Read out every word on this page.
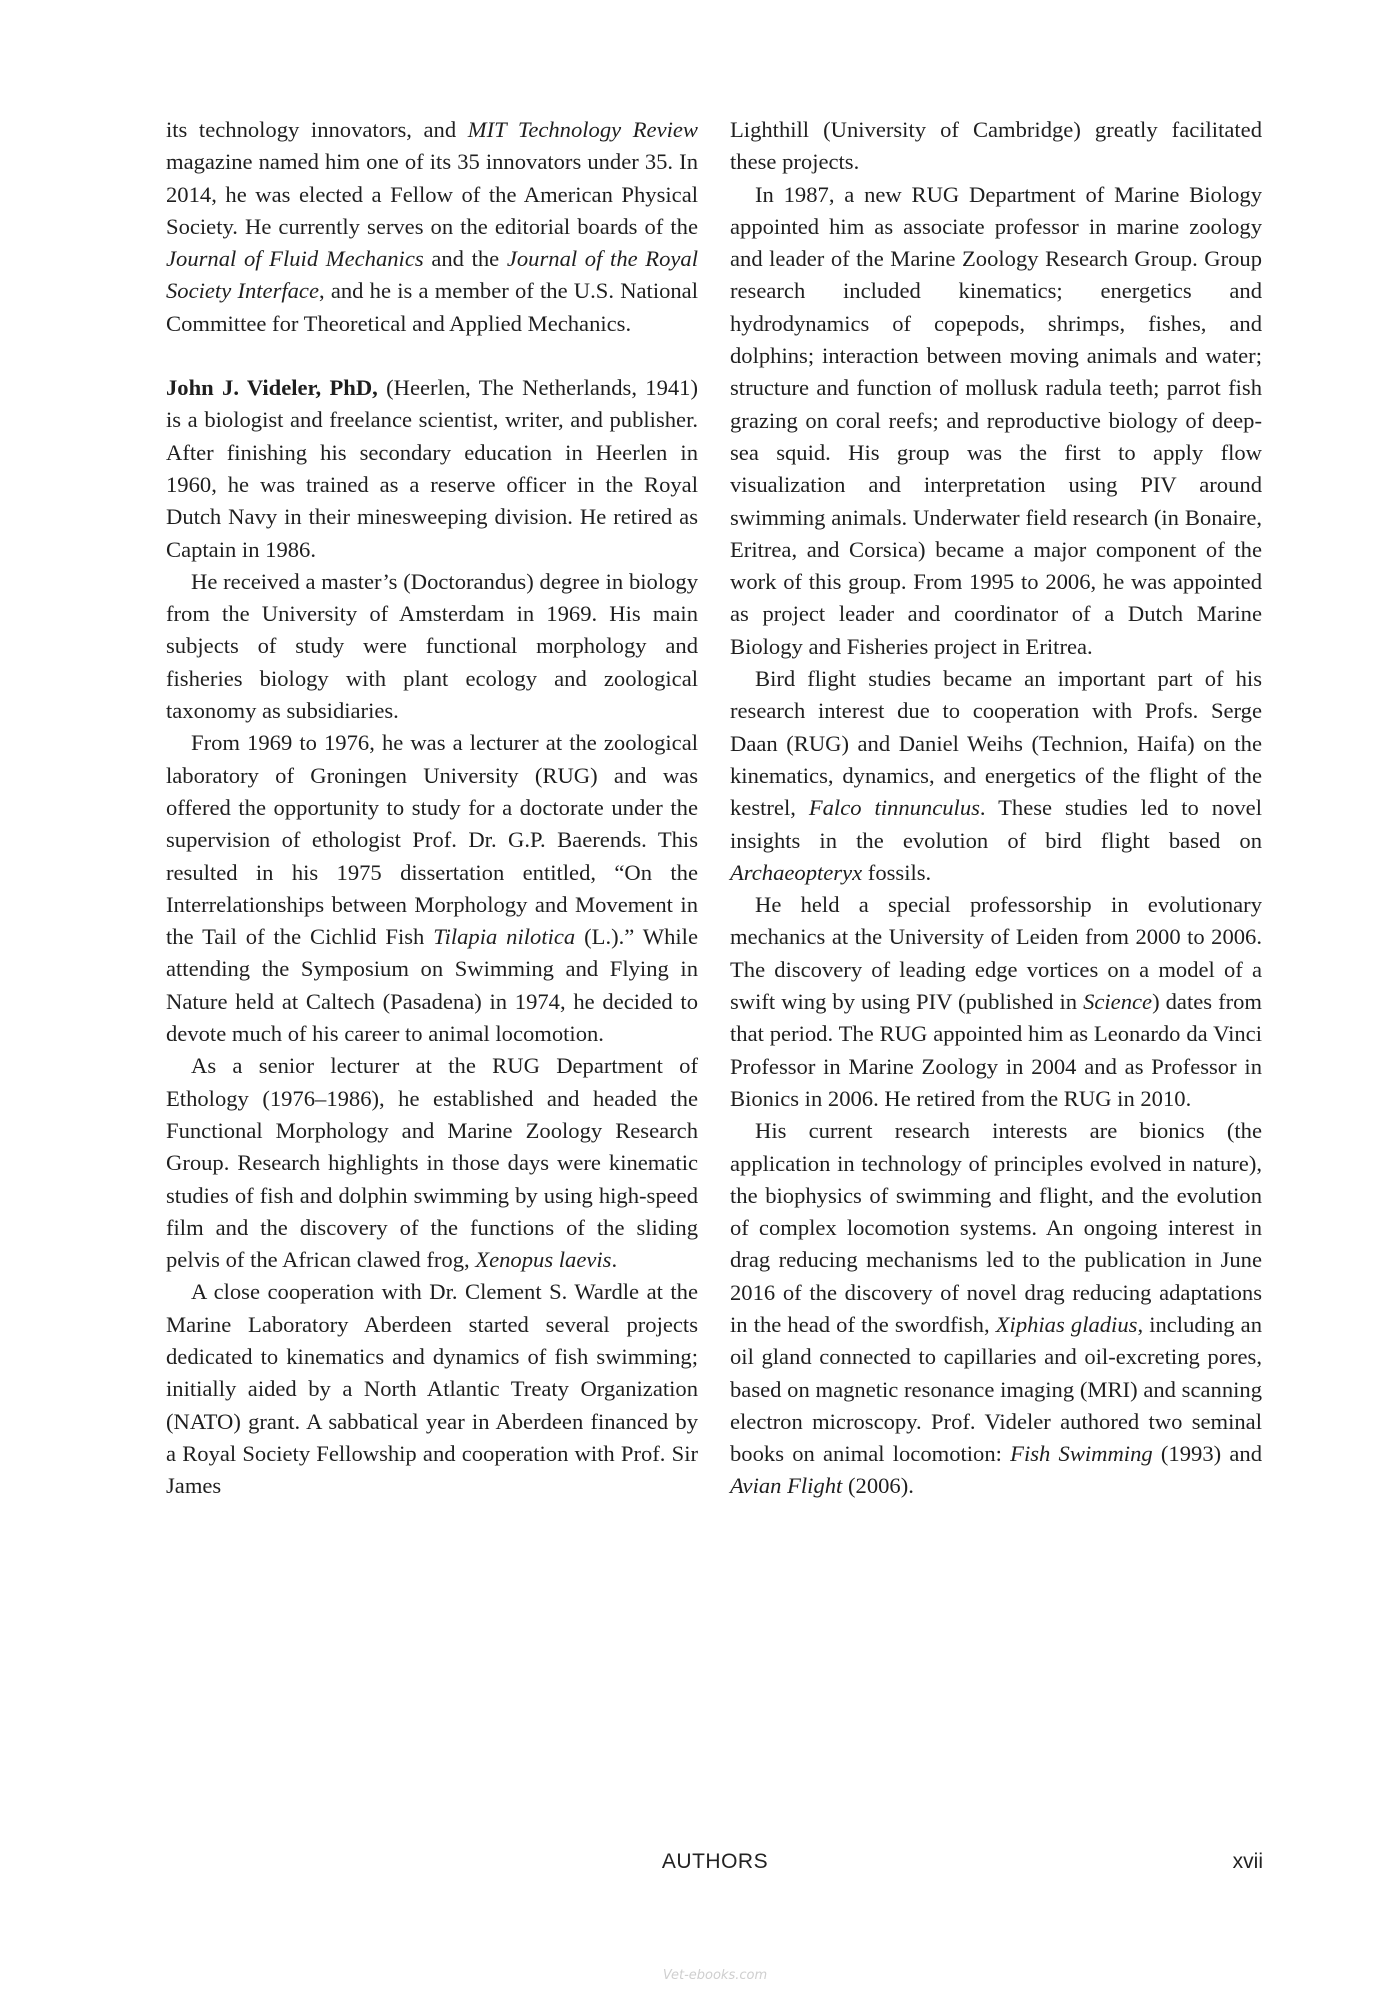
its technology innovators, and MIT Technology Review magazine named him one of its 35 innovators under 35. In 2014, he was elected a Fellow of the American Physical Society. He currently serves on the editorial boards of the Journal of Fluid Mechanics and the Journal of the Royal Society Interface, and he is a member of the U.S. National Committee for Theoretical and Applied Mechanics.

John J. Videler, PhD, (Heerlen, The Netherlands, 1941) is a biologist and freelance scientist, writer, and publisher. After finishing his secondary education in Heerlen in 1960, he was trained as a reserve officer in the Royal Dutch Navy in their minesweeping division. He retired as Captain in 1986.

He received a master’s (Doctorandus) degree in biology from the University of Amsterdam in 1969. His main subjects of study were functional morphology and fisheries biology with plant ecology and zoological taxonomy as subsidiaries.

From 1969 to 1976, he was a lecturer at the zoological laboratory of Groningen University (RUG) and was offered the opportunity to study for a doctorate under the supervision of ethologist Prof. Dr. G.P. Baerends. This resulted in his 1975 dissertation entitled, “On the Interrelationships between Morphology and Movement in the Tail of the Cichlid Fish Tilapia nilotica (L.).” While attending the Symposium on Swimming and Flying in Nature held at Caltech (Pasadena) in 1974, he decided to devote much of his career to animal locomotion.

As a senior lecturer at the RUG Department of Ethology (1976–1986), he established and headed the Functional Morphology and Marine Zoology Research Group. Research highlights in those days were kinematic studies of fish and dolphin swimming by using high-speed film and the discovery of the functions of the sliding pelvis of the African clawed frog, Xenopus laevis.

A close cooperation with Dr. Clement S. Wardle at the Marine Laboratory Aberdeen started several projects dedicated to kinematics and dynamics of fish swimming; initially aided by a North Atlantic Treaty Organization (NATO) grant. A sabbatical year in Aberdeen financed by a Royal Society Fellowship and cooperation with Prof. Sir James

Lighthill (University of Cambridge) greatly facilitated these projects.

In 1987, a new RUG Department of Marine Biology appointed him as associate professor in marine zoology and leader of the Marine Zoology Research Group. Group research included kinematics; energetics and hydrodynamics of copepods, shrimps, fishes, and dolphins; interaction between moving animals and water; structure and function of mollusk radula teeth; parrot fish grazing on coral reefs; and reproductive biology of deep-sea squid. His group was the first to apply flow visualization and interpretation using PIV around swimming animals. Underwater field research (in Bonaire, Eritrea, and Corsica) became a major component of the work of this group. From 1995 to 2006, he was appointed as project leader and coordinator of a Dutch Marine Biology and Fisheries project in Eritrea.

Bird flight studies became an important part of his research interest due to cooperation with Profs. Serge Daan (RUG) and Daniel Weihs (Technion, Haifa) on the kinematics, dynamics, and energetics of the flight of the kestrel, Falco tinnunculus. These studies led to novel insights in the evolution of bird flight based on Archaeopteryx fossils.

He held a special professorship in evolutionary mechanics at the University of Leiden from 2000 to 2006. The discovery of leading edge vortices on a model of a swift wing by using PIV (published in Science) dates from that period. The RUG appointed him as Leonardo da Vinci Professor in Marine Zoology in 2004 and as Professor in Bionics in 2006. He retired from the RUG in 2010.

His current research interests are bionics (the application in technology of principles evolved in nature), the biophysics of swimming and flight, and the evolution of complex locomotion systems. An ongoing interest in drag reducing mechanisms led to the publication in June 2016 of the discovery of novel drag reducing adaptations in the head of the swordfish, Xiphias gladius, including an oil gland connected to capillaries and oil-excreting pores, based on magnetic resonance imaging (MRI) and scanning electron microscopy. Prof. Videler authored two seminal books on animal locomotion: Fish Swimming (1993) and Avian Flight (2006).

AUTHORS	xvii
Vet-ebooks.com
